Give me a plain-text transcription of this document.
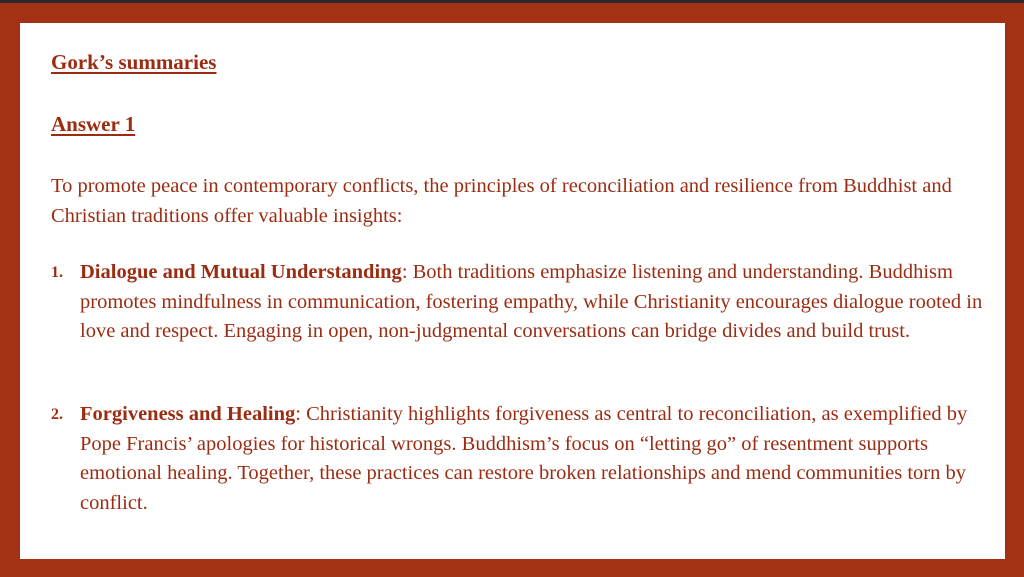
Gork’s summaries
Answer 1
To promote peace in contemporary conflicts, the principles of reconciliation and resilience from Buddhist and Christian traditions offer valuable insights:
1. Dialogue and Mutual Understanding: Both traditions emphasize listening and understanding. Buddhism promotes mindfulness in communication, fostering empathy, while Christianity encourages dialogue rooted in love and respect. Engaging in open, non-judgmental conversations can bridge divides and build trust.
2. Forgiveness and Healing: Christianity highlights forgiveness as central to reconciliation, as exemplified by Pope Francis’ apologies for historical wrongs. Buddhism’s focus on “letting go” of resentment supports emotional healing. Together, these practices can restore broken relationships and mend communities torn by conflict.
